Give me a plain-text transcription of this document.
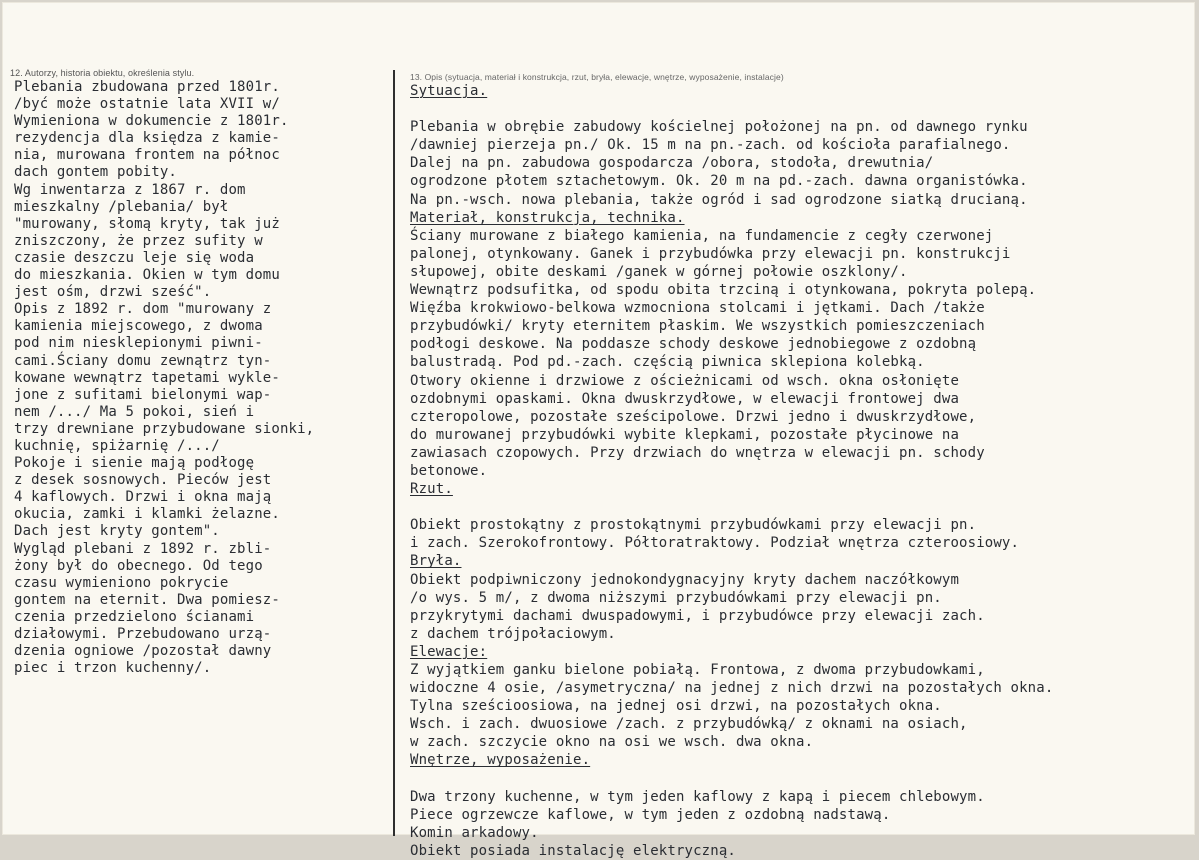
12. Autorzy, historia obiektu, określenia stylu.	13. Opis (sytuacja, materiał i konstrukcja, rzut, bryła, elewacje, wnętrze, wyposażenie, instalacje)
Plebania zbudowana przed 1801r.
/być może ostatnie lata XVII w/
Wymieniona w dokumencie z 1801r.
rezydencja dla księdza z kamie-
nia, murowana frontem na północ
dach gontem pobity.
Wg inwentarza z 1867 r. dom
mieszkalny /plebania/ był
"murowany, słomą kryty, tak już
zniszczony, że przez sufity w
czasie deszczu leje się woda
do mieszkania. Okien w tym domu
jest ośm, drzwi sześć".
Opis z 1892 r. dom "murowany z
kamienia miejscowego, z dwoma
pod nim niesklepionymi piwni-
cami.Ściany domu zewnątrz tyn-
kowane wewnątrz tapetami wykle-
jone z sufitami bielonymi wap-
nem /.../ Ma 5 pokoi, sień i
trzy drewniane przybudowane sionki,
kuchnię, spiżarnię /.../
Pokoje i sienie mają podłogę
z desek sosnowych. Pieców jest
4 kaflowych. Drzwi i okna mają
okucia, zamki i klamki żelazne.
Dach jest kryty gontem".
Wygląd plebani z 1892 r. zbli-
żony był do obecnego. Od tego
czasu wymieniono pokrycie
gontem na eternit. Dwa pomiesz-
czenia przedzielono ścianami
działowymi. Przebudowano urzą-
dzenia ogniowe /pozostał dawny
piec i trzon kuchenny/.
Sytuacja.
Plebania w obrębie zabudowy kościelnej położonej na pn. od dawnego rynku
/dawniej pierzeja pn./ Ok. 15 m na pn.-zach. od kościoła parafialnego.
Dalej na pn. zabudowa gospodarcza /obora, stodoła, drewutnia/
ogrodzone płotem sztachetowym. Ok. 20 m na pd.-zach. dawna organistówka.
Na pn.-wsch. nowa plebania, także ogród i sad ogrodzone siatką drucianą.
Materiał, konstrukcja, technika.
Ściany murowane z białego kamienia, na fundamencie z cegły czerwonej
palonej, otynkowany. Ganek i przybudówka przy elewacji pn. konstrukcji
słupowej, obite deskami /ganek w górnej połowie oszklony/.
Wewnątrz podsufitka, od spodu obita trzciną i otynkowana, pokryta polepą.
Więźba krokwiowo-belkowa wzmocniona stolcami i jętkami. Dach /także
przybudówki/ kryty eternitem płaskim. We wszystkich pomieszczeniach
podłogi deskowe. Na poddasze schody deskowe jednobiegowe z ozdobną
balustradą. Pod pd.-zach. częścią piwnica sklepiona kolebką.
Otwory okienne i drzwiowe z ościeżnicami od wsch. okna osłonięte
ozdobnymi opaskami. Okna dwuskrzydłowe, w elewacji frontowej dwa
czteropolowe, pozostałe sześcipolowe. Drzwi jedno i dwuskrzydłowe,
do murowanej przybudówki wybite klepkami, pozostałe płycinowe na
zawiasach czopowych. Przy drzwiach do wnętrza w elewacji pn. schody
betonowe.
Rzut.
Obiekt prostokątny z prostokątnymi przybudówkami przy elewacji pn.
i zach. Szerokofrontowy. Półtoratraktowy. Podział wnętrza czteroosiowy.
Bryła.
Obiekt podpiwniczony jednokondygnacyjny kryty dachem naczółkowym
/o wys. 5 m/, z dwoma niższymi przybudówkami przy elewacji pn.
przykrytymi dachami dwuspadowymi, i przybudówce przy elewacji zach.
z dachem trójpołaciowym.
Elewacje:
Z wyjątkiem ganku bielone pobiałą. Frontowa, z dwoma przybudowkami,
widoczne 4 osie, /asymetryczna/ na jednej z nich drzwi na pozostałych okna.
Tylna sześcioosiowa, na jednej osi drzwi, na pozostałych okna.
Wsch. i zach. dwuosiowe /zach. z przybudówką/ z oknami na osiach,
w zach. szczycie okno na osi we wsch. dwa okna.
Wnętrze, wyposażenie.
Dwa trzony kuchenne, w tym jeden kaflowy z kapą i piecem chlebowym.
Piece ogrzewcze kaflowe, w tym jeden z ozdobną nadstawą.
Komin arkadowy.
Obiekt posiada instalację elektryczną.
